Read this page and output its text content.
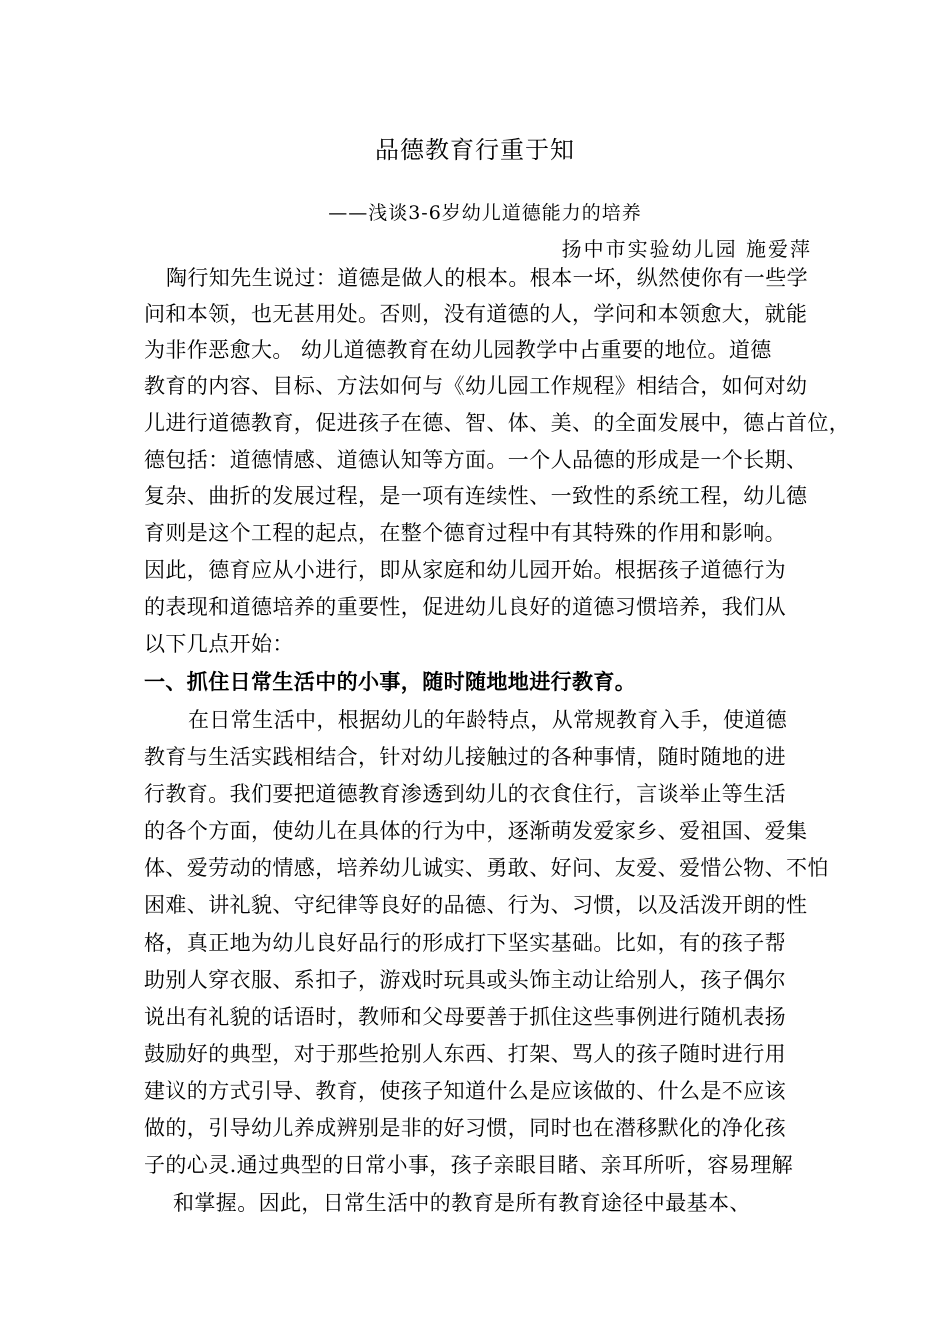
品德教育行重于知
——浅谈3-6岁幼儿道德能力的培养
扬中市实验幼儿园 施爱萍
陶行知先生说过：道德是做人的根本。根本一坏，纵然使你有一些学
问和本领，也无甚用处。否则，没有道德的人，学问和本领愈大，就能
为非作恶愈大。 幼儿道德教育在幼儿园教学中占重要的地位。道德
教育的内容、目标、方法如何与《幼儿园工作规程》相结合，如何对幼
儿进行道德教育，促进孩子在德、智、体、美、的全面发展中，德占首位，
德包括：道德情感、道德认知等方面。一个人品德的形成是一个长期、
复杂、曲折的发展过程，是一项有连续性、一致性的系统工程，幼儿德
育则是这个工程的起点，在整个德育过程中有其特殊的作用和影响。
因此，德育应从小进行，即从家庭和幼儿园开始。根据孩子道德行为
的表现和道德培养的重要性，促进幼儿良好的道德习惯培养，我们从
以下几点开始：
一、抓住日常生活中的小事，随时随地地进行教育。
在日常生活中，根据幼儿的年龄特点，从常规教育入手，使道德
教育与生活实践相结合，针对幼儿接触过的各种事情，随时随地的进
行教育。我们要把道德教育渗透到幼儿的衣食住行，言谈举止等生活
的各个方面，使幼儿在具体的行为中，逐渐萌发爱家乡、爱祖国、爱集
体、爱劳动的情感，培养幼儿诚实、勇敢、好问、友爱、爱惜公物、不怕
困难、讲礼貌、守纪律等良好的品德、行为、习惯，以及活泼开朗的性
格，真正地为幼儿良好品行的形成打下坚实基础。比如，有的孩子帮
助别人穿衣服、系扣子，游戏时玩具或头饰主动让给别人，孩子偶尔
说出有礼貌的话语时，教师和父母要善于抓住这些事例进行随机表扬
鼓励好的典型，对于那些抢别人东西、打架、骂人的孩子随时进行用
建议的方式引导、教育，使孩子知道什么是应该做的、什么是不应该
做的，引导幼儿养成辨别是非的好习惯，同时也在潜移默化的净化孩
子的心灵.通过典型的日常小事，孩子亲眼目睹、亲耳所听，容易理解
和掌握。因此，日常生活中的教育是所有教育途径中最基本、
